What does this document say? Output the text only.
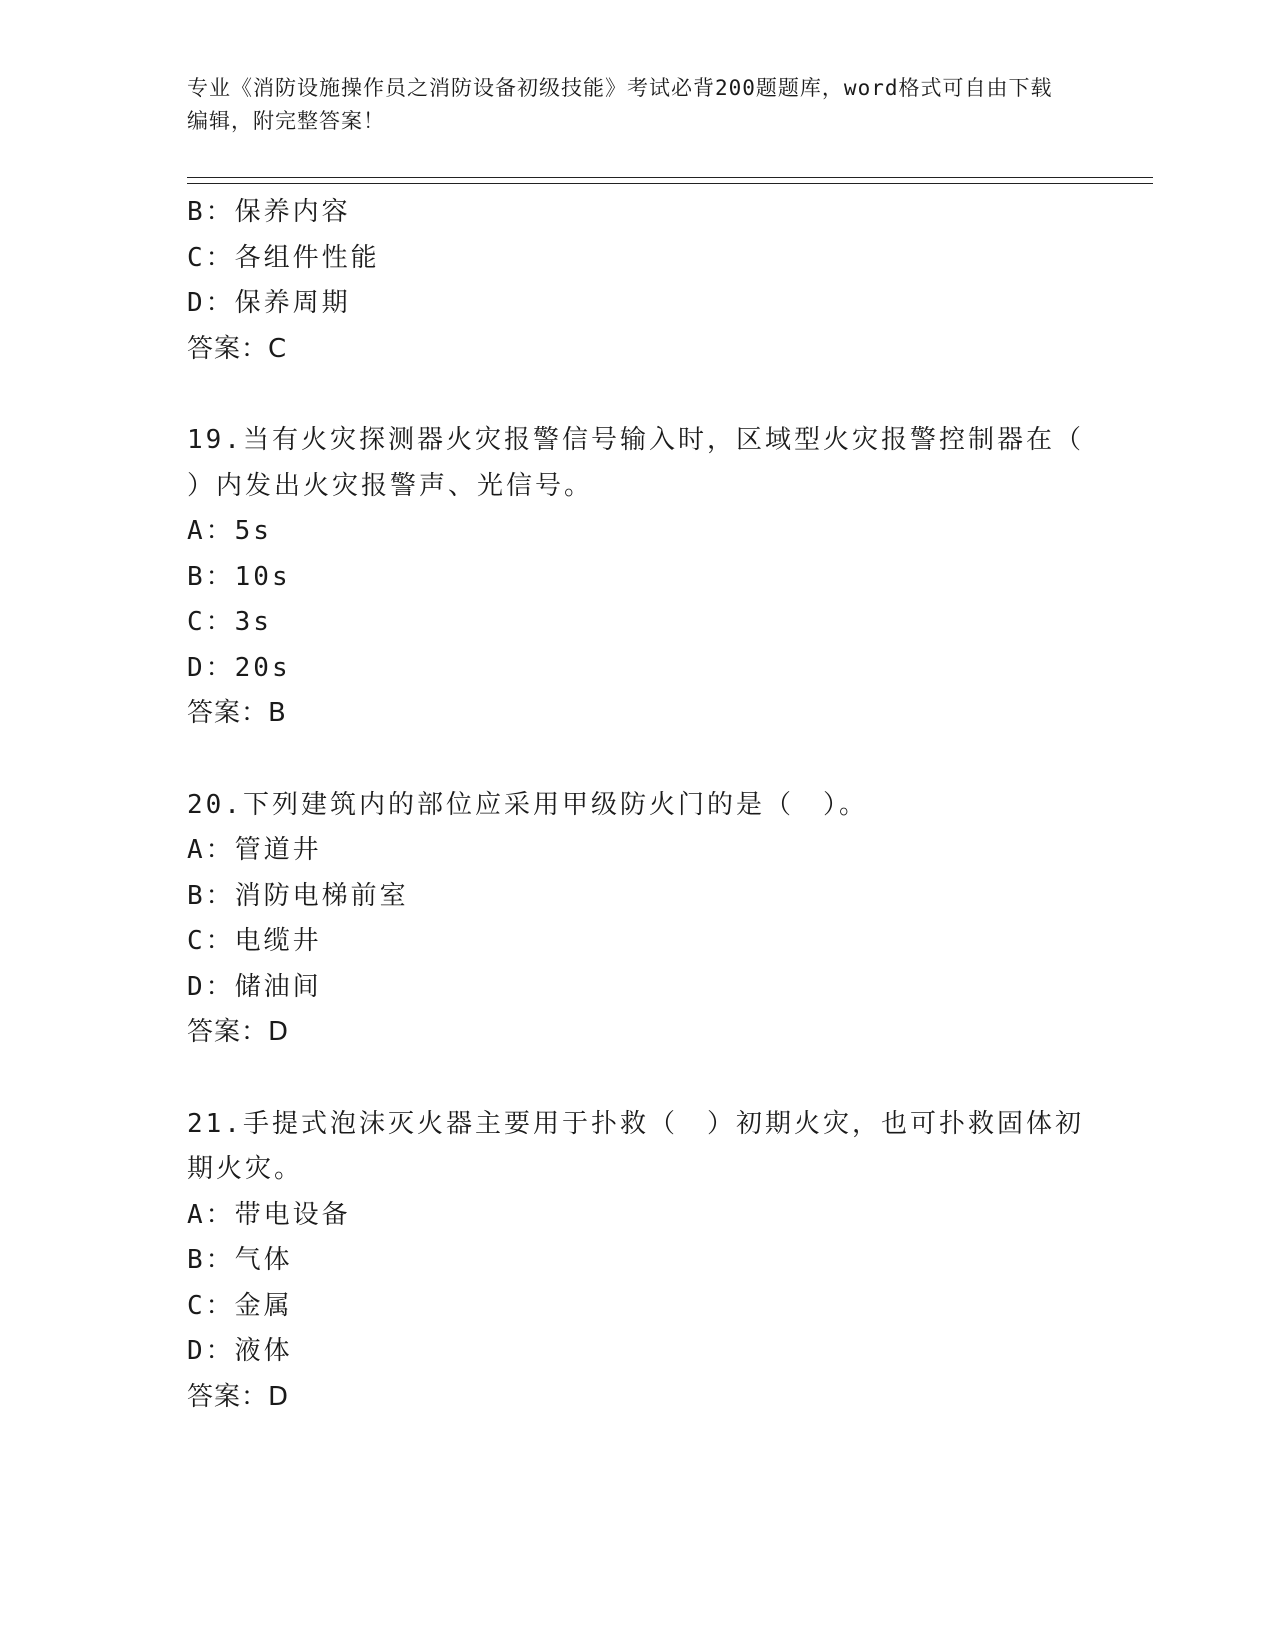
专业《消防设施操作员之消防设备初级技能》考试必背200题题库，word格式可自由下载编辑，附完整答案！
B：保养内容
C：各组件性能
D：保养周期
答案：C
19.当有火灾探测器火灾报警信号输入时，区域型火灾报警控制器在（ ）内发出火灾报警声、光信号。
A：5s
B：10s
C：3s
D：20s
答案：B
20.下列建筑内的部位应采用甲级防火门的是（　）。
A：管道井
B：消防电梯前室
C：电缆井
D：储油间
答案：D
21.手提式泡沫灭火器主要用于扑救（　）初期火灾，也可扑救固体初期火灾。
A：带电设备
B：气体
C：金属
D：液体
答案：D
